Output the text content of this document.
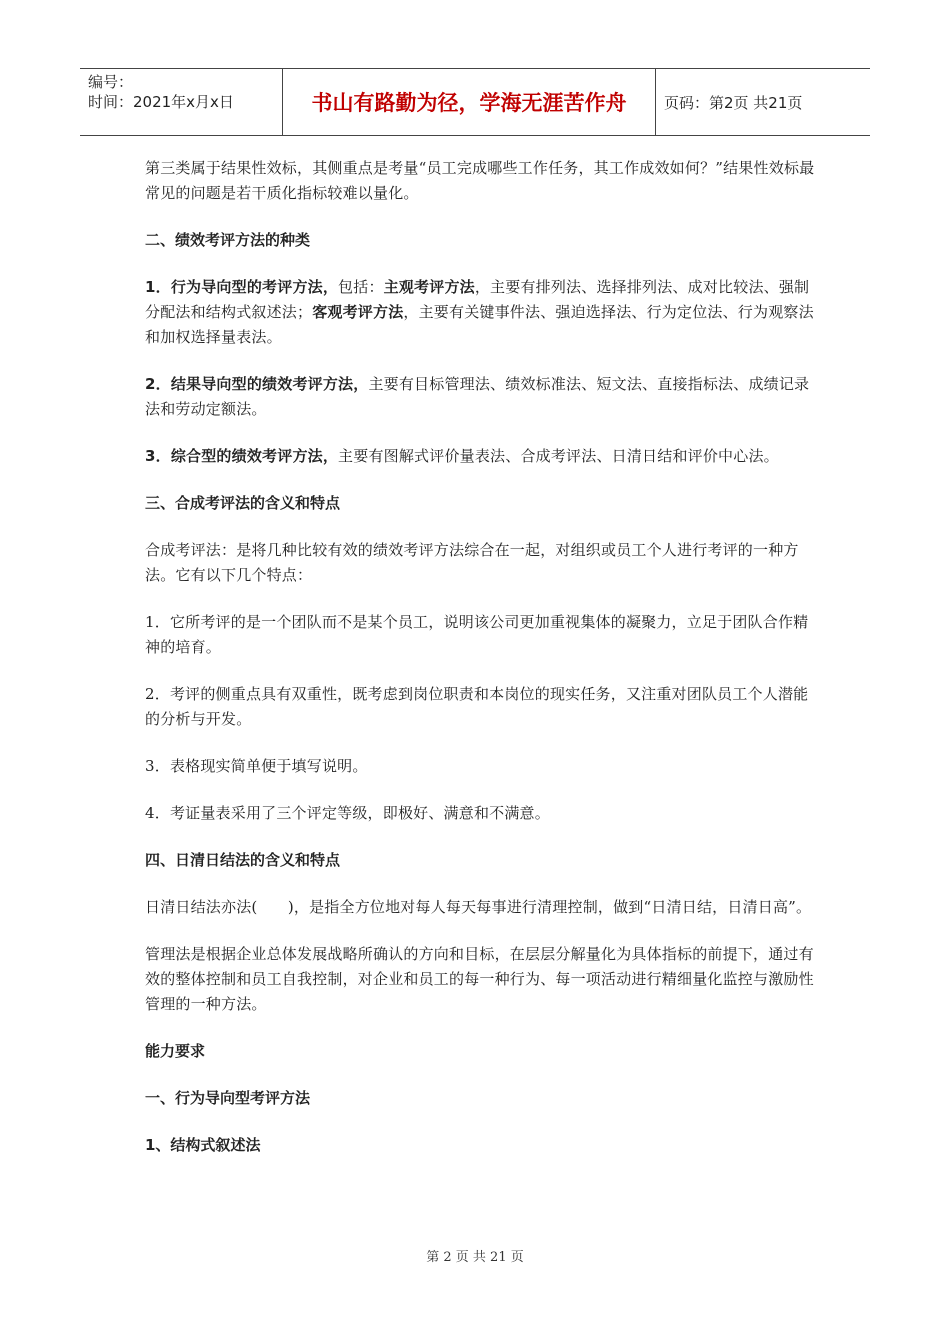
编号：
时间：2021年x月x日	书山有路勤为径，学海无涯苦作舟	页码：第2页 共21页

第三类属于结果性效标，其侧重点是考量“员工完成哪些工作任务，其工作成效如何？”结果性效标最常见的问题是若干质化指标较难以量化。

二、绩效考评方法的种类

1．行为导向型的考评方法，包括：主观考评方法，主要有排列法、选择排列法、成对比较法、强制分配法和结构式叙述法；客观考评方法，主要有关键事件法、强迫选择法、行为定位法、行为观察法和加权选择量表法。

2．结果导向型的绩效考评方法，主要有目标管理法、绩效标准法、短文法、直接指标法、成绩记录法和劳动定额法。

3．综合型的绩效考评方法，主要有图解式评价量表法、合成考评法、日清日结和评价中心法。

三、合成考评法的含义和特点

合成考评法：是将几种比较有效的绩效考评方法综合在一起，对组织或员工个人进行考评的一种方法。它有以下几个特点：

1．它所考评的是一个团队而不是某个员工，说明该公司更加重视集体的凝聚力，立足于团队合作精神的培育。

2．考评的侧重点具有双重性，既考虑到岗位职责和本岗位的现实任务，又注重对团队员工个人潜能的分析与开发。

3．表格现实简单便于填写说明。

4．考证量表采用了三个评定等级，即极好、满意和不满意。

四、日清日结法的含义和特点

日清日结法亦法(　　)，是指全方位地对每人每天每事进行清理控制，做到“日清日结，日清日高”。

管理法是根据企业总体发展战略所确认的方向和目标，在层层分解量化为具体指标的前提下，通过有效的整体控制和员工自我控制，对企业和员工的每一种行为、每一项活动进行精细量化监控与激励性管理的一种方法。

能力要求
一、行为导向型考评方法
1、结构式叙述法
第 2 页 共 21 页
